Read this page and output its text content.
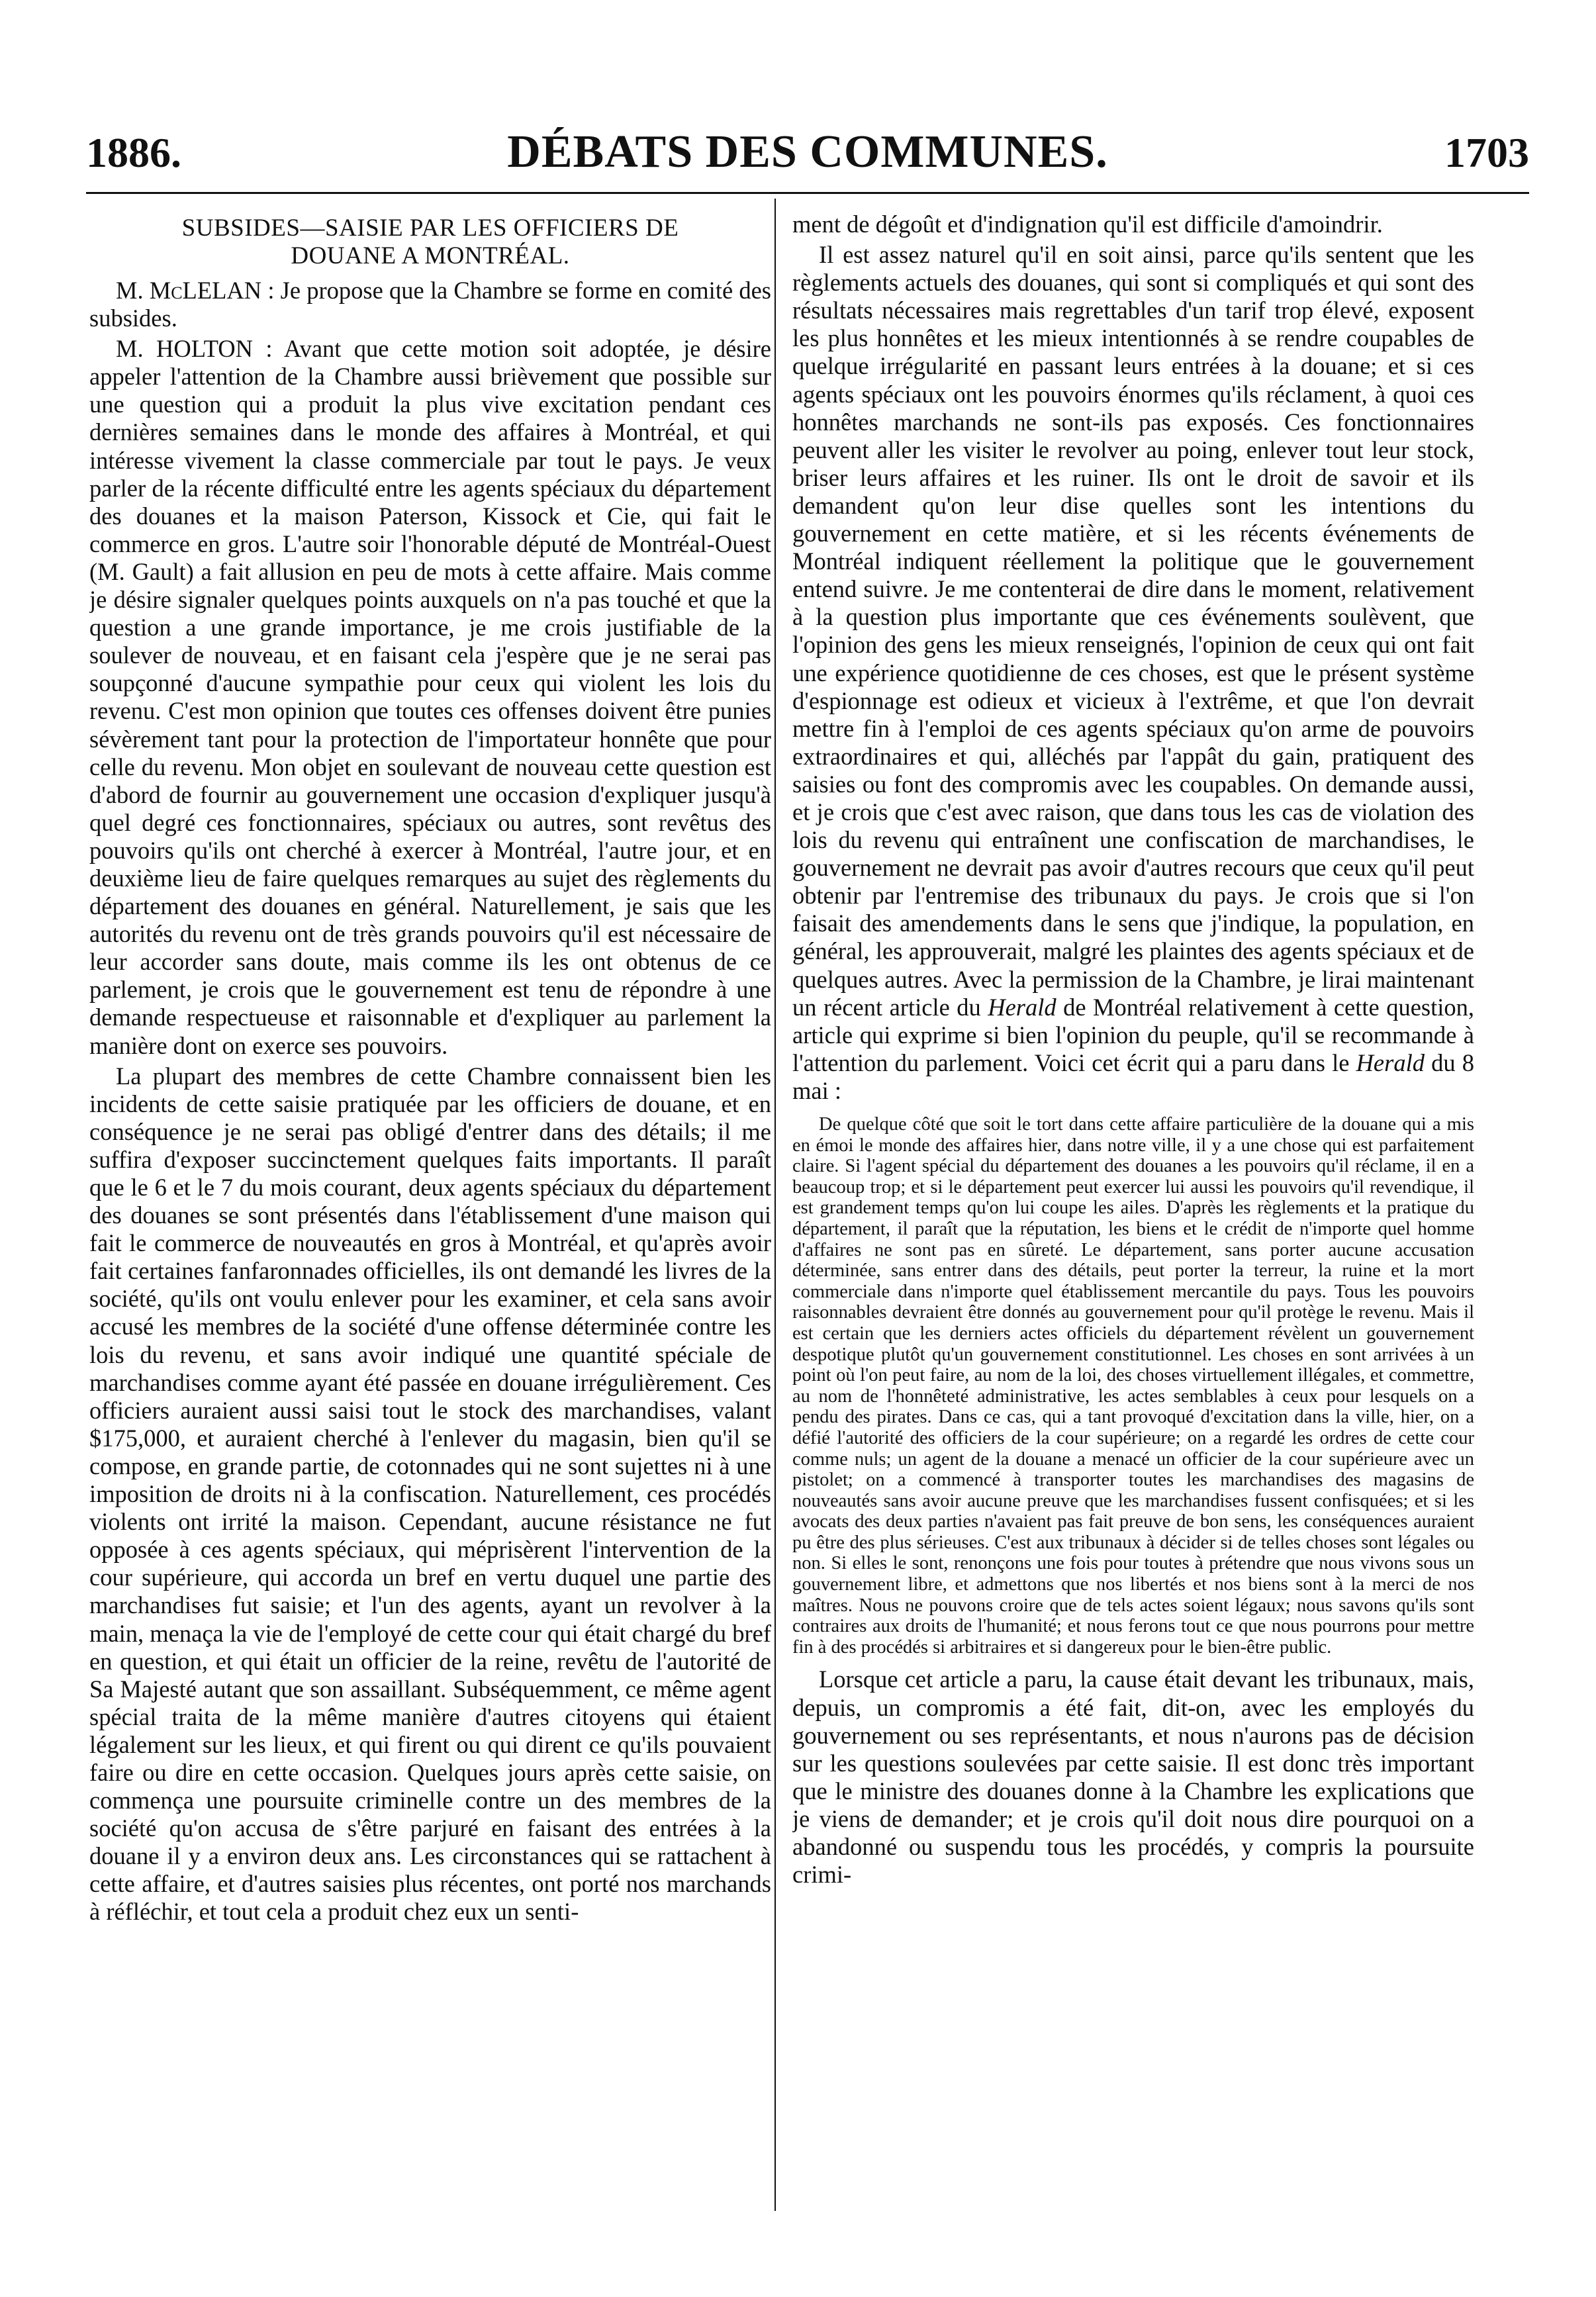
1886.	DÉBATS DES COMMUNES.	1703
SUBSIDES—SAISIE PAR LES OFFICIERS DE
DOUANE A MONTRÉAL.

M. McLELAN : Je propose que la Chambre se forme en comité des subsides.

M. HOLTON : Avant que cette motion soit adoptée, je désire appeler l'attention de la Chambre aussi brièvement que possible sur une question qui a produit la plus vive excitation pendant ces dernières semaines dans le monde des affaires à Montréal, et qui intéresse vivement la classe commerciale par tout le pays. Je veux parler de la récente difficulté entre les agents spéciaux du département des douanes et la maison Paterson, Kissock et Cie, qui fait le commerce en gros. L'autre soir l'honorable député de Montréal-Ouest (M. Gault) a fait allusion en peu de mots à cette affaire. Mais comme je désire signaler quelques points auxquels on n'a pas touché et que la question a une grande importance, je me crois justifiable de la soulever de nouveau, et en faisant cela j'espère que je ne serai pas soupçonné d'aucune sympathie pour ceux qui violent les lois du revenu. C'est mon opinion que toutes ces offenses doivent être punies sévèrement tant pour la protection de l'importateur honnête que pour celle du revenu. Mon objet en soulevant de nouveau cette question est d'abord de fournir au gouvernement une occasion d'expliquer jusqu'à quel degré ces fonctionnaires, spéciaux ou autres, sont revêtus des pouvoirs qu'ils ont cherché à exercer à Montréal, l'autre jour, et en deuxième lieu de faire quelques remarques au sujet des règlements du département des douanes en général. Naturellement, je sais que les autorités du revenu ont de très grands pouvoirs qu'il est nécessaire de leur accorder sans doute, mais comme ils les ont obtenus de ce parlement, je crois que le gouvernement est tenu de répondre à une demande respectueuse et raisonnable et d'expliquer au parlement la manière dont on exerce ses pouvoirs.

La plupart des membres de cette Chambre connaissent bien les incidents de cette saisie pratiquée par les officiers de douane, et en conséquence je ne serai pas obligé d'entrer dans des détails; il me suffira d'exposer succinctement quelques faits importants. Il paraît que le 6 et le 7 du mois courant, deux agents spéciaux du département des douanes se sont présentés dans l'établissement d'une maison qui fait le commerce de nouveautés en gros à Montréal, et qu'après avoir fait certaines fanfaronnades officielles, ils ont demandé les livres de la société, qu'ils ont voulu enlever pour les examiner, et cela sans avoir accusé les membres de la société d'une offense déterminée contre les lois du revenu, et sans avoir indiqué une quantité spéciale de marchandises comme ayant été passée en douane irrégulièrement. Ces officiers auraient aussi saisi tout le stock des marchandises, valant $175,000, et auraient cherché à l'enlever du magasin, bien qu'il se compose, en grande partie, de cotonnades qui ne sont sujettes ni à une imposition de droits ni à la confiscation. Naturellement, ces procédés violents ont irrité la maison. Cependant, aucune résistance ne fut opposée à ces agents spéciaux, qui méprisèrent l'intervention de la cour supérieure, qui accorda un bref en vertu duquel une partie des marchandises fut saisie; et l'un des agents, ayant un revolver à la main, menaça la vie de l'employé de cette cour qui était chargé du bref en question, et qui était un officier de la reine, revêtu de l'autorité de Sa Majesté autant que son assaillant. Subséquemment, ce même agent spécial traita de la même manière d'autres citoyens qui étaient légalement sur les lieux, et qui firent ou qui dirent ce qu'ils pouvaient faire ou dire en cette occasion. Quelques jours après cette saisie, on commença une poursuite criminelle contre un des membres de la société qu'on accusa de s'être parjuré en faisant des entrées à la douane il y a environ deux ans. Les circonstances qui se rattachent à cette affaire, et d'autres saisies plus récentes, ont porté nos marchands à réfléchir, et tout cela a produit chez eux un senti-

ment de dégoût et d'indignation qu'il est difficile d'amoindrir.

Il est assez naturel qu'il en soit ainsi, parce qu'ils sentent que les règlements actuels des douanes, qui sont si compliqués et qui sont des résultats nécessaires mais regrettables d'un tarif trop élevé, exposent les plus honnêtes et les mieux intentionnés à se rendre coupables de quelque irrégularité en passant leurs entrées à la douane; et si ces agents spéciaux ont les pouvoirs énormes qu'ils réclament, à quoi ces honnêtes marchands ne sont-ils pas exposés. Ces fonctionnaires peuvent aller les visiter le revolver au poing, enlever tout leur stock, briser leurs affaires et les ruiner. Ils ont le droit de savoir et ils demandent qu'on leur dise quelles sont les intentions du gouvernement en cette matière, et si les récents événements de Montréal indiquent réellement la politique que le gouvernement entend suivre. Je me contenterai de dire dans le moment, relativement à la question plus importante que ces événements soulèvent, que l'opinion des gens les mieux renseignés, l'opinion de ceux qui ont fait une expérience quotidienne de ces choses, est que le présent système d'espionnage est odieux et vicieux à l'extrême, et que l'on devrait mettre fin à l'emploi de ces agents spéciaux qu'on arme de pouvoirs extraordinaires et qui, alléchés par l'appât du gain, pratiquent des saisies ou font des compromis avec les coupables. On demande aussi, et je crois que c'est avec raison, que dans tous les cas de violation des lois du revenu qui entraînent une confiscation de marchandises, le gouvernement ne devrait pas avoir d'autres recours que ceux qu'il peut obtenir par l'entremise des tribunaux du pays. Je crois que si l'on faisait des amendements dans le sens que j'indique, la population, en général, les approuverait, malgré les plaintes des agents spéciaux et de quelques autres. Avec la permission de la Chambre, je lirai maintenant un récent article du Herald de Montréal relativement à cette question, article qui exprime si bien l'opinion du peuple, qu'il se recommande à l'attention du parlement. Voici cet écrit qui a paru dans le Herald du 8 mai :

De quelque côté que soit le tort dans cette affaire particulière de la douane qui a mis en émoi le monde des affaires hier, dans notre ville, il y a une chose qui est parfaitement claire. Si l'agent spécial du département des douanes a les pouvoirs qu'il réclame, il en a beaucoup trop; et si le département peut exercer lui aussi les pouvoirs qu'il revendique, il est grandement temps qu'on lui coupe les ailes. D'après les règlements et la pratique du département, il paraît que la réputation, les biens et le crédit de n'importe quel homme d'affaires ne sont pas en sûreté. Le département, sans porter aucune accusation déterminée, sans entrer dans des détails, peut porter la terreur, la ruine et la mort commerciale dans n'importe quel établissement mercantile du pays. Tous les pouvoirs raisonnables devraient être donnés au gouvernement pour qu'il protège le revenu. Mais il est certain que les derniers actes officiels du département révèlent un gouvernement despotique plutôt qu'un gouvernement constitutionnel. Les choses en sont arrivées à un point où l'on peut faire, au nom de la loi, des choses virtuellement illégales, et commettre, au nom de l'honnêteté administrative, les actes semblables à ceux pour lesquels on a pendu des pirates. Dans ce cas, qui a tant provoqué d'excitation dans la ville, hier, on a défié l'autorité des officiers de la cour supérieure; on a regardé les ordres de cette cour comme nuls; un agent de la douane a menacé un officier de la cour supérieure avec un pistolet; on a commencé à transporter toutes les marchandises des magasins de nouveautés sans avoir aucune preuve que les marchandises fussent confisquées; et si les avocats des deux parties n'avaient pas fait preuve de bon sens, les conséquences auraient pu être des plus sérieuses. C'est aux tribunaux à décider si de telles choses sont légales ou non. Si elles le sont, renonçons une fois pour toutes à prétendre que nous vivons sous un gouvernement libre, et admettons que nos libertés et nos biens sont à la merci de nos maîtres. Nous ne pouvons croire que de tels actes soient légaux; nous savons qu'ils sont contraires aux droits de l'humanité; et nous ferons tout ce que nous pourrons pour mettre fin à des procédés si arbitraires et si dangereux pour le bien-être public.

Lorsque cet article a paru, la cause était devant les tribunaux, mais, depuis, un compromis a été fait, dit-on, avec les employés du gouvernement ou ses représentants, et nous n'aurons pas de décision sur les questions soulevées par cette saisie. Il est donc très important que le ministre des douanes donne à la Chambre les explications que je viens de demander; et je crois qu'il doit nous dire pourquoi on a abandonné ou suspendu tous les procédés, y compris la poursuite crimi-
